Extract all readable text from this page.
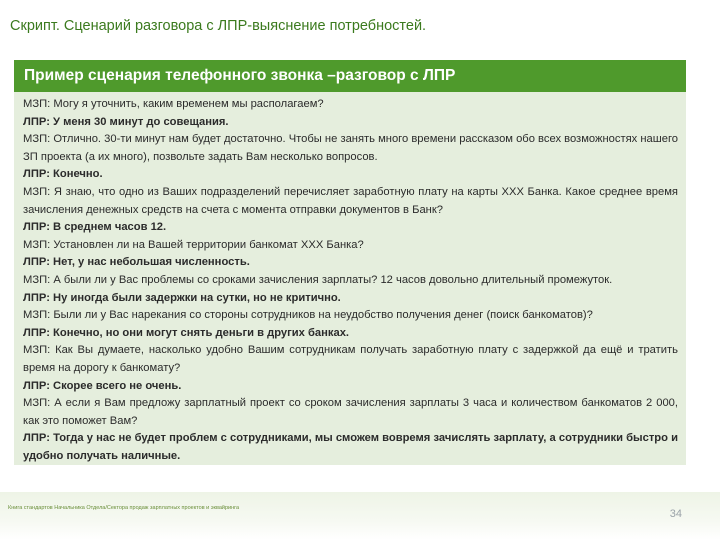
Скрипт. Сценарий разговора с ЛПР-выяснение потребностей.
Пример сценария телефонного звонка –разговор с ЛПР
МЗП: Могу я уточнить, каким временем мы располагаем?
ЛПР: У меня 30 минут до совещания.
МЗП: Отлично. 30-ти минут нам будет достаточно. Чтобы не занять много времени рассказом обо всех возможностях нашего ЗП проекта (а их много), позвольте задать Вам несколько вопросов.
ЛПР: Конечно.
МЗП: Я знаю, что одно из Ваших подразделений перечисляет заработную плату на карты XXX Банка. Какое среднее время зачисления денежных средств на счета с момента отправки документов в Банк?
ЛПР: В среднем часов 12.
МЗП: Установлен ли на Вашей территории банкомат XXX Банка?
ЛПР: Нет, у нас небольшая численность.
МЗП: А были ли у Вас проблемы со сроками зачисления зарплаты? 12 часов довольно длительный промежуток.
ЛПР: Ну иногда были задержки на сутки, но не критично.
МЗП: Были ли у Вас нарекания со стороны сотрудников на неудобство получения денег (поиск банкоматов)?
ЛПР: Конечно, но они могут снять деньги в других банках.
МЗП: Как Вы думаете, насколько удобно Вашим сотрудникам получать заработную плату с задержкой да ещё и тратить время на дорогу к банкомату?
ЛПР: Скорее всего не очень.
МЗП: А если я Вам предложу зарплатный проект со сроком зачисления зарплаты 3 часа и количеством банкоматов 2 000, как это поможет Вам?
ЛПР: Тогда у нас не будет проблем с сотрудниками, мы сможем вовремя зачислять зарплату, а сотрудники быстро и удобно получать наличные.
Книга стандартов Начальника Отдела/Сектора продаж зарплатных проектов и эквайринга	34
